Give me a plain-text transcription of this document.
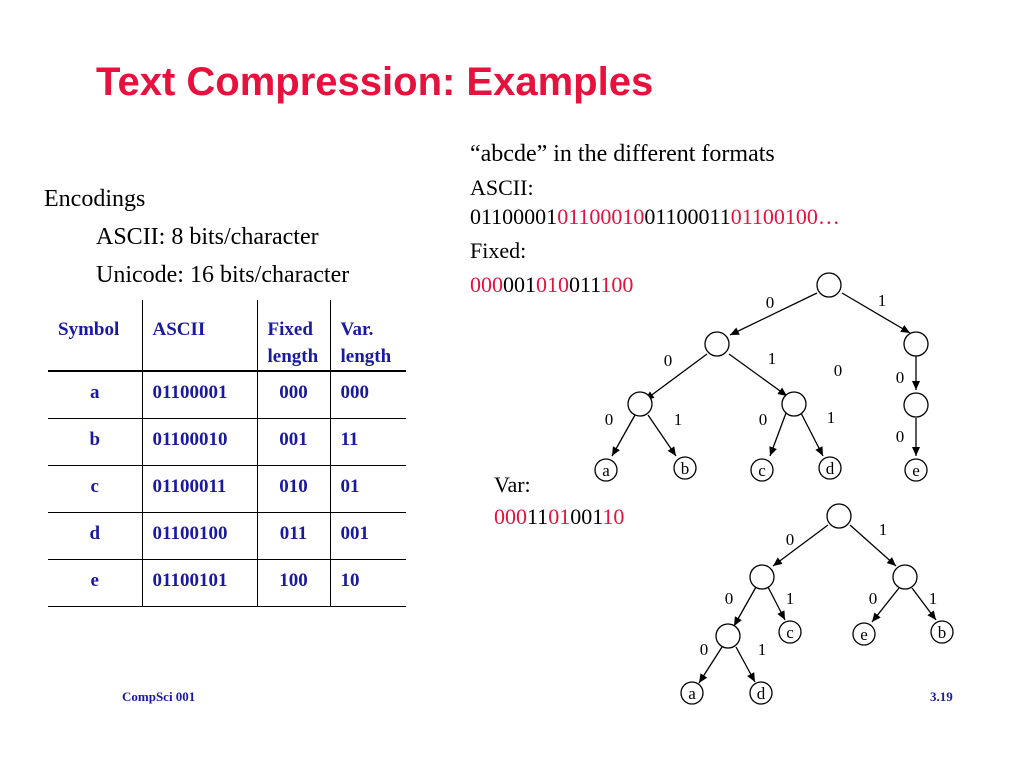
Text Compression: Examples
Encodings
ASCII: 8 bits/character
Unicode: 16 bits/character
Symbol	ASCII	Fixed length	Var. length
a	01100001	000	000
b	01100010	001	11
c	01100011	010	01
d	01100100	011	001
e	01100101	100	10
“abcde” in the different formats
ASCII:
01100001011000100110001101100100…
Fixed:
000001010011100
Var:
000110100110
a	b	c	d	e
0	1
0	1
0	0
0	1	0	1
0
c	e	b
a	d
0
1
0	1	0	1
0	1
CompSci 001	3.19
